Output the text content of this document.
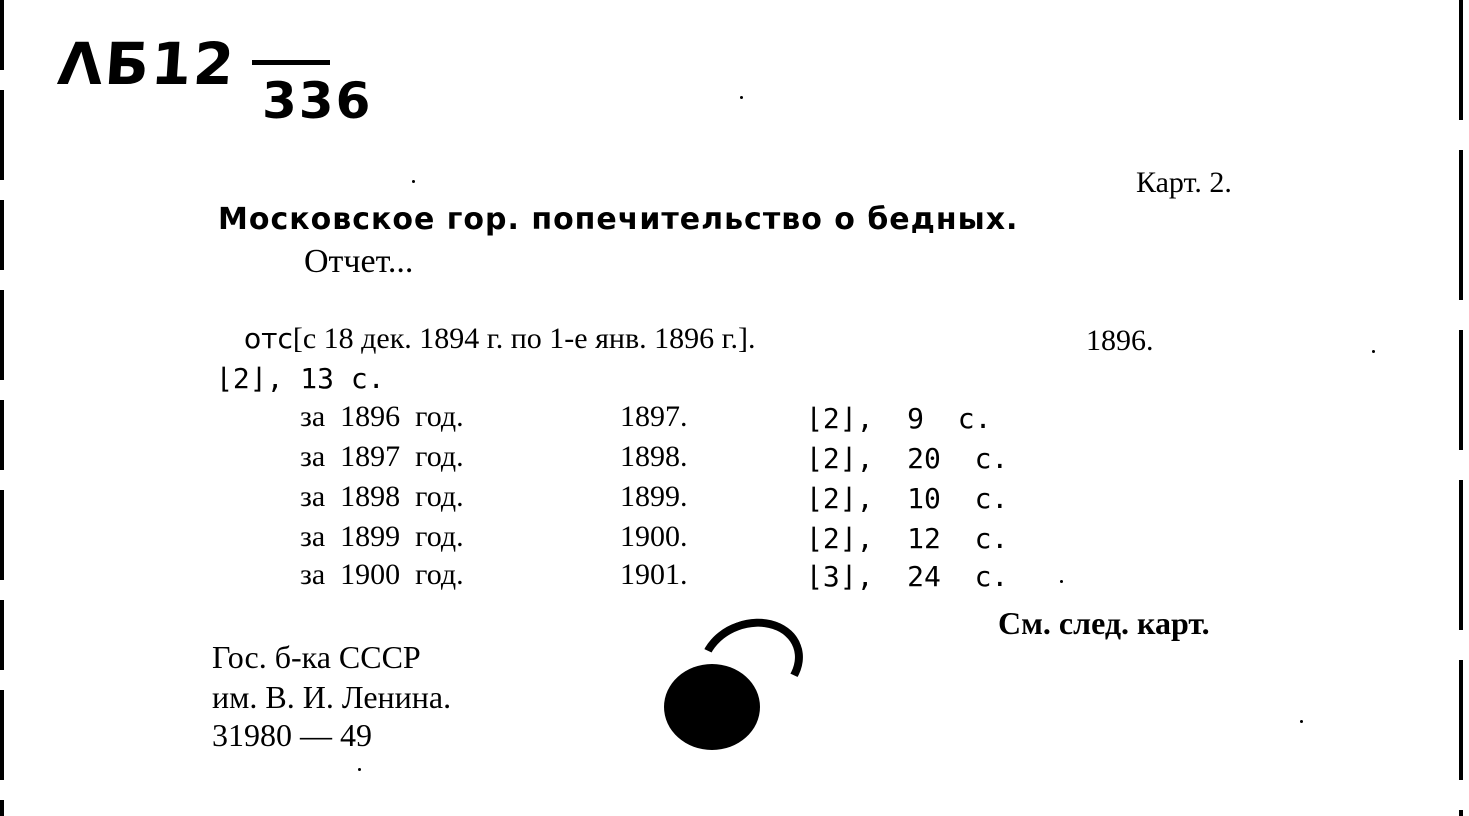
ΛБ12
336
Карт. 2.
Московское гор. попечительство о бедных.
Отчет...
отс[с 18 дек. 1894 г. по 1-е янв. 1896 г.].	1896.
⌊2⌋, 13 с.
за  1896  год.	1897.	⌊2⌋,  9  с.
за  1897  год.	1898.	⌊2⌋,  20  с.
за  1898  год.	1899.	⌊2⌋,  10  с.
за  1899  год.	1900.	⌊2⌋,  12  с.
за  1900  год.	1901.	⌊3⌋,  24  с.
См. след. карт.
Гос. б-ка СССР
им. В. И. Ленина.
31980 — 49
